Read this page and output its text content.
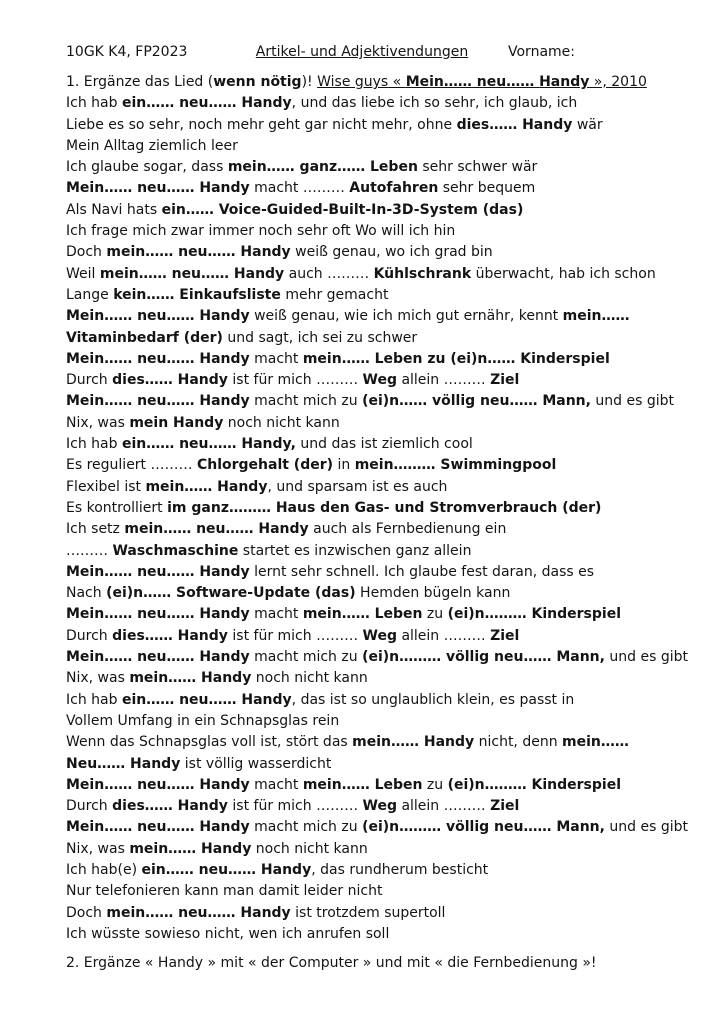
10GK K4, FP2023	Artikel- und Adjektivendungen	Vorname:
1. Ergänze das Lied (wenn nötig)! Wise guys « Mein…… neu…… Handy », 2010
Ich hab ein…… neu…… Handy, und das liebe ich so sehr, ich glaub, ich
Liebe es so sehr, noch mehr geht gar nicht mehr, ohne dies…… Handy wär
Mein Alltag ziemlich leer
Ich glaube sogar, dass mein…… ganz…… Leben sehr schwer wär
Mein…… neu…… Handy macht ……… Autofahren sehr bequem
Als Navi hats ein…… Voice-Guided-Built-In-3D-System (das)
Ich frage mich zwar immer noch sehr oft Wo will ich hin
Doch mein…… neu…… Handy weiß genau, wo ich grad bin
Weil mein…… neu…… Handy auch ……… Kühlschrank überwacht, hab ich schon
Lange kein…… Einkaufsliste mehr gemacht
Mein…… neu…… Handy weiß genau, wie ich mich gut ernähr, kennt mein……
Vitaminbedarf (der) und sagt, ich sei zu schwer
Mein…… neu…… Handy macht mein…… Leben zu (ei)n…… Kinderspiel
Durch dies…… Handy ist für mich ……… Weg allein ……… Ziel
Mein…… neu…… Handy macht mich zu (ei)n…… völlig neu…… Mann, und es gibt
Nix, was mein Handy noch nicht kann
Ich hab ein…… neu…… Handy, und das ist ziemlich cool
Es reguliert ……… Chlorgehalt (der) in mein……… Swimmingpool
Flexibel ist mein…… Handy, und sparsam ist es auch
Es kontrolliert im ganz……… Haus den Gas- und Stromverbrauch (der)
Ich setz mein…… neu…… Handy auch als Fernbedienung ein
……… Waschmaschine startet es inzwischen ganz allein
Mein…… neu…… Handy lernt sehr schnell. Ich glaube fest daran, dass es
Nach (ei)n…… Software-Update (das) Hemden bügeln kann
Mein…… neu…… Handy macht mein…… Leben zu (ei)n……… Kinderspiel
Durch dies…… Handy ist für mich ……… Weg allein ……… Ziel
Mein…… neu…… Handy macht mich zu (ei)n……… völlig neu…… Mann, und es gibt
Nix, was mein…… Handy noch nicht kann
Ich hab ein…… neu…… Handy, das ist so unglaublich klein, es passt in
Vollem Umfang in ein Schnapsglas rein
Wenn das Schnapsglas voll ist, stört das mein…… Handy nicht, denn mein……
Neu…… Handy ist völlig wasserdicht
Mein…… neu…… Handy macht mein…… Leben zu (ei)n……… Kinderspiel
Durch dies…… Handy ist für mich ……… Weg allein ……… Ziel
Mein…… neu…… Handy macht mich zu (ei)n……… völlig neu…… Mann, und es gibt
Nix, was mein…… Handy noch nicht kann
Ich hab(e) ein…… neu…… Handy, das rundherum besticht
Nur telefonieren kann man damit leider nicht
Doch mein…… neu…… Handy ist trotzdem supertoll
Ich wüsste sowieso nicht, wen ich anrufen soll
2. Ergänze « Handy » mit « der Computer » und mit « die Fernbedienung »!
